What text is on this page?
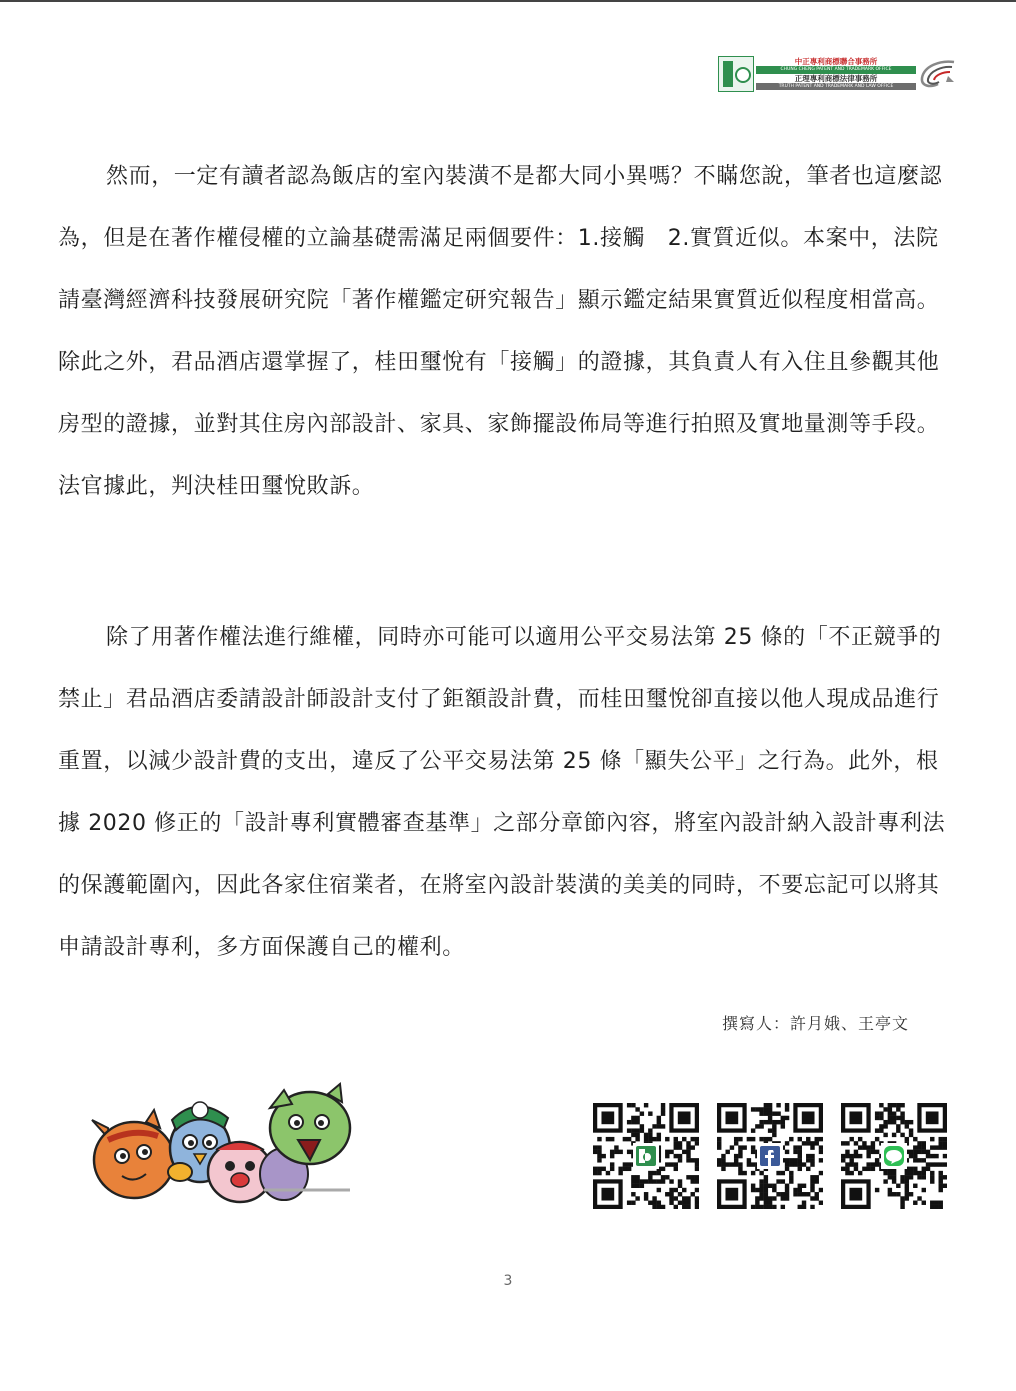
中正專利商標聯合事務所
CHUNG CHENG PATENT AND TRADEMARK OFFICE
正理專利商標法律事務所
TRUTH PATENT AND TRADEMARK AND LAW OFFICE

然而，一定有讀者認為飯店的室內裝潢不是都大同小異嗎？不瞞您說，筆者也這麼認為，但是在著作權侵權的立論基礎需滿足兩個要件：1.接觸　2.實質近似。本案中，法院請臺灣經濟科技發展研究院「著作權鑑定研究報告」顯示鑑定結果實質近似程度相當高。除此之外，君品酒店還掌握了，桂田璽悅有「接觸」的證據，其負責人有入住且參觀其他房型的證據，並對其住房內部設計、家具、家飾擺設佈局等進行拍照及實地量測等手段。法官據此，判決桂田璽悅敗訴。

除了用著作權法進行維權，同時亦可能可以適用公平交易法第 25 條的「不正競爭的禁止」君品酒店委請設計師設計支付了鉅額設計費，而桂田璽悅卻直接以他人現成品進行重置，以減少設計費的支出，違反了公平交易法第 25 條「顯失公平」之行為。此外，根據 2020 修正的「設計專利實體審查基準」之部分章節內容，將室內設計納入設計專利法的保護範圍內，因此各家住宿業者，在將室內設計裝潢的美美的同時，不要忘記可以將其申請設計專利，多方面保護自己的權利。

撰寫人：許月娥、王亭文
3
